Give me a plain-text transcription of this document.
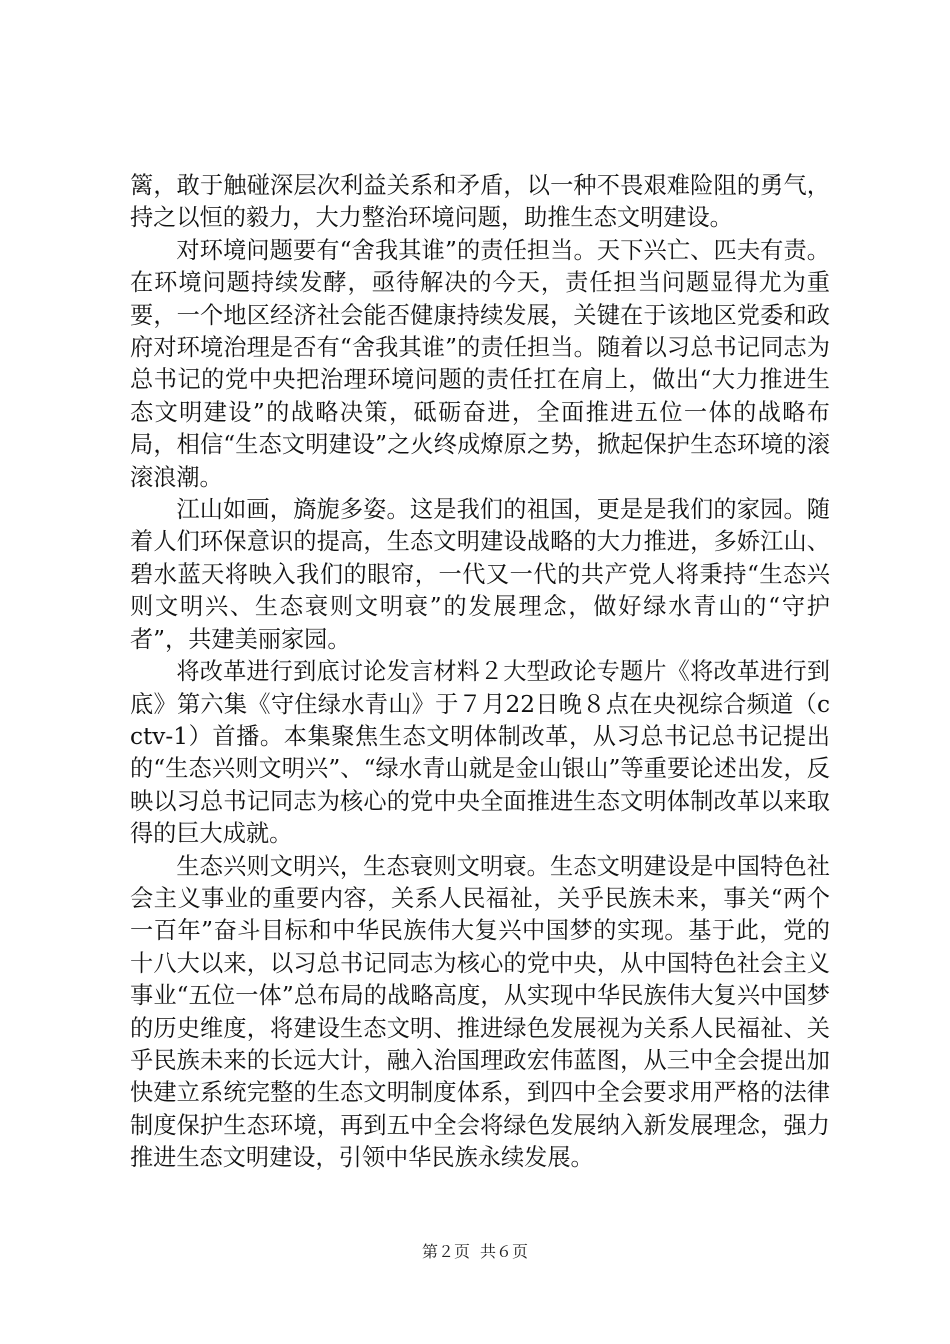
篱，敢于触碰深层次利益关系和矛盾，以一种不畏艰难险阻的勇气，持之以恒的毅力，大力整治环境问题，助推生态文明建设。

对环境问题要有“舍我其谁”的责任担当。天下兴亡、匹夫有责。在环境问题持续发酵，亟待解决的今天，责任担当问题显得尤为重要，一个地区经济社会能否健康持续发展，关键在于该地区党委和政府对环境治理是否有“舍我其谁”的责任担当。随着以习总书记同志为总书记的党中央把治理环境问题的责任扛在肩上，做出“大力推进生态文明建设”的战略决策，砥砺奋进，全面推进五位一体的战略布局，相信“生态文明建设”之火终成燎原之势，掀起保护生态环境的滚滚浪潮。

江山如画，旖旎多姿。这是我们的祖国，更是是我们的家园。随着人们环保意识的提高，生态文明建设战略的大力推进，多娇江山、碧水蓝天将映入我们的眼帘，一代又一代的共产党人将秉持“生态兴则文明兴、生态衰则文明衰”的发展理念，做好绿水青山的“守护者”，共建美丽家园。

将改革进行到底讨论发言材料２大型政论专题片《将改革进行到底》第六集《守住绿水青山》于７月22日晚８点在央视综合频道（cctv-1）首播。本集聚焦生态文明体制改革，从习总书记总书记提出的“生态兴则文明兴”、“绿水青山就是金山银山”等重要论述出发，反映以习总书记同志为核心的党中央全面推进生态文明体制改革以来取得的巨大成就。

生态兴则文明兴，生态衰则文明衰。生态文明建设是中国特色社会主义事业的重要内容，关系人民福祉，关乎民族未来，事关“两个一百年”奋斗目标和中华民族伟大复兴中国梦的实现。基于此，党的十八大以来，以习总书记同志为核心的党中央，从中国特色社会主义事业“五位一体”总布局的战略高度，从实现中华民族伟大复兴中国梦的历史维度，将建设生态文明、推进绿色发展视为关系人民福祉、关乎民族未来的长远大计，融入治国理政宏伟蓝图，从三中全会提出加快建立系统完整的生态文明制度体系，到四中全会要求用严格的法律制度保护生态环境，再到五中全会将绿色发展纳入新发展理念，强力推进生态文明建设，引领中华民族永续发展。

第２页 共６页
